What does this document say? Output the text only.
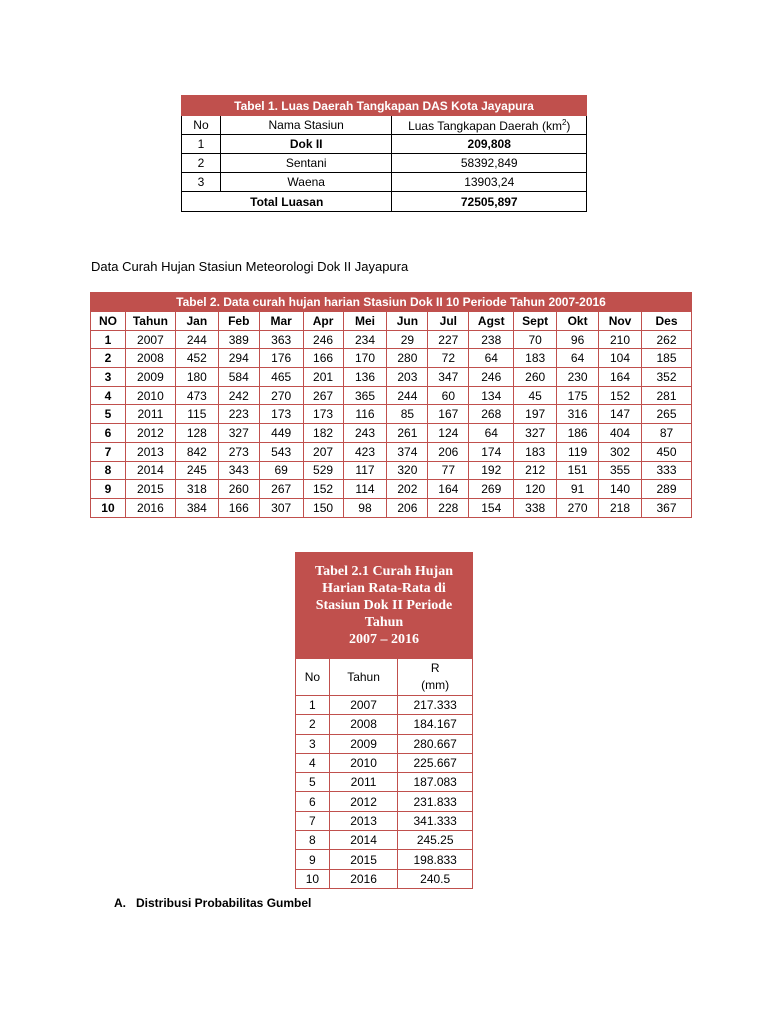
Tabel 1. Luas Daerah Tangkapan DAS Kota Jayapura		
No	Nama Stasiun	Luas Tangkapan Daerah $(km^2)$
1	Dok II	209,808
2	Sentani	58392,849
3	Waena	13903,24
Total Luasan		72505,897
Data Curah Hujan Stasiun Meteorologi Dok II Jayapura
Tabel 2. Data curah hujan harian Stasiun Dok II 10 Periode Tahun 2007-2016													
NO	Tahun	Jan	Feb	Mar	Apr	Mei	Jun	Jul	Agst	Sept	Okt	Nov	Des
1	2007	244	389	363	246	234	29	227	238	70	96	210	262
2	2008	452	294	176	166	170	280	72	64	183	64	104	185
3	2009	180	584	465	201	136	203	347	246	260	230	164	352
4	2010	473	242	270	267	365	244	60	134	45	175	152	281
5	2011	115	223	173	173	116	85	167	268	197	316	147	265
6	2012	128	327	449	182	243	261	124	64	327	186	404	87
7	2013	842	273	543	207	423	374	206	174	183	119	302	450
8	2014	245	343	69	529	117	320	77	192	212	151	355	333
9	2015	318	260	267	152	114	202	164	269	120	91	140	289
10	2016	384	166	307	150	98	206	228	154	338	270	218	367
Tabel 2.1 Curah Hujan
Harian Rata-Rata di
Stasiun Dok II Periode
Tahun
2007 – 2016		

No	Tahun	R
(mm)

1	2007	217.333
2	2008	184.167
3	2009	280.667
4	2010	225.667
5	2011	187.083
6	2012	231.833
7	2013	341.333
8	2014	245.25
9	2015	198.833
10	2016	240.5
A. Distribusi Probabilitas Gumbel
